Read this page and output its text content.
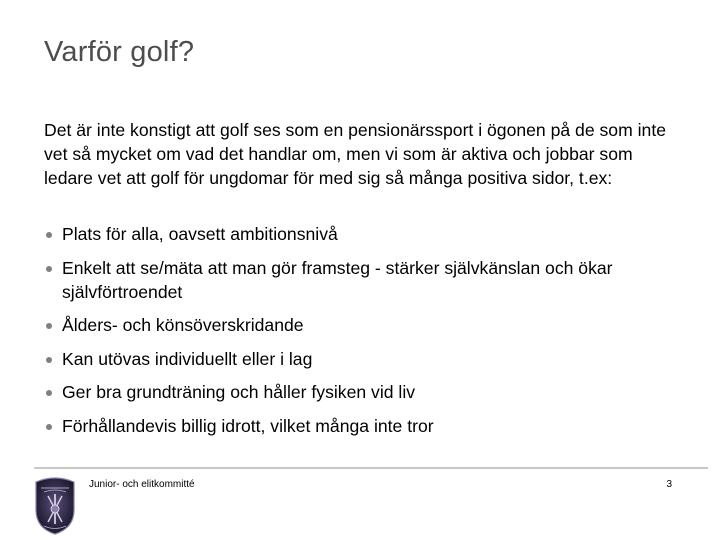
Varför golf?

Det är inte konstigt att golf ses som en pensionärssport i ögonen på de som inte vet så mycket om vad det handlar om, men vi som är aktiva och jobbar som ledare vet att golf för ungdomar för med sig så många positiva sidor, t.ex:

Plats för alla, oavsett ambitionsnivå
Enkelt att se/mäta att man gör framsteg - stärker självkänslan och ökar självförtroendet
Ålders- och könsöverskridande
Kan utövas individuellt eller i lag
Ger bra grundträning och håller fysiken vid liv
Förhållandevis billig idrott, vilket många inte tror
Junior- och elitkommitté	3
